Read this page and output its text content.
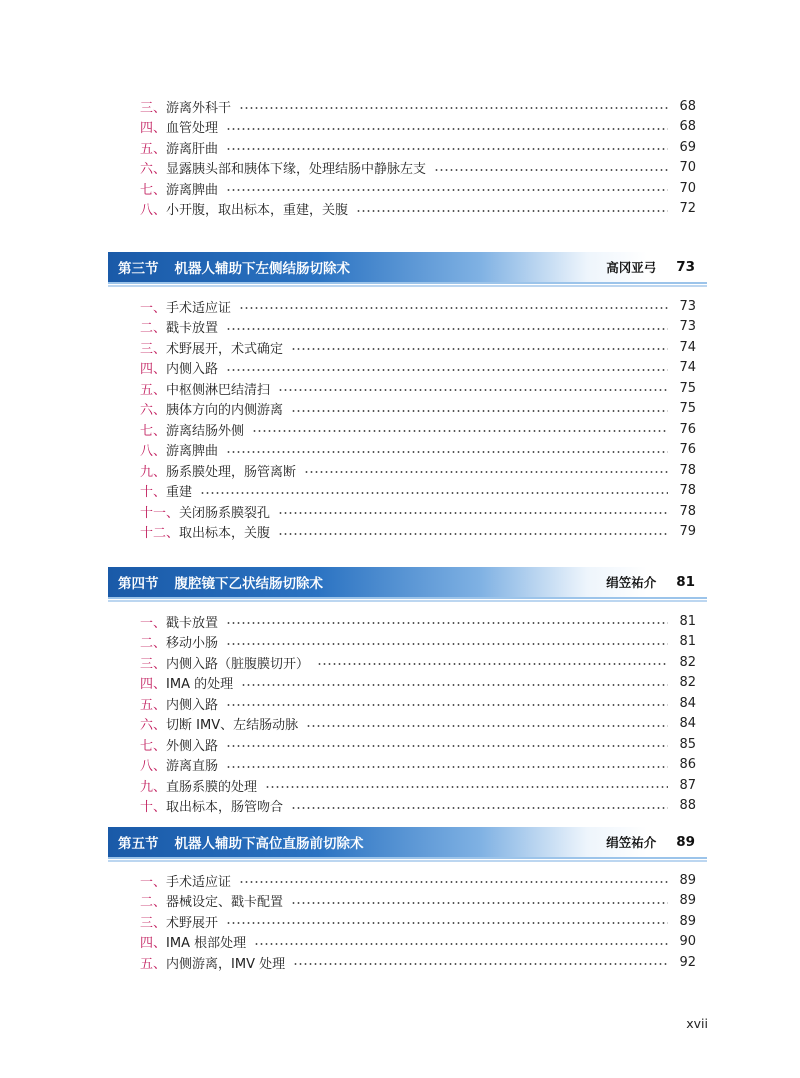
三、 游离外科干	68
四、 血管处理	68
五、 游离肝曲	69
六、 显露胰头部和胰体下缘，处理结肠中静脉左支	70
七、 游离脾曲	70
八、 小开腹，取出标本，重建，关腹	72
第三节 机器人辅助下左侧结肠切除术	高冈亚弓 73
一、 手术适应证	73
二、 戳卡放置	73
三、 术野展开，术式确定	74
四、 内侧入路	74
五、 中枢侧淋巴结清扫	75
六、 胰体方向的内侧游离	75
七、 游离结肠外侧	76
八、 游离脾曲	76
九、 肠系膜处理，肠管离断	78
十、 重建	78
十一、 关闭肠系膜裂孔	78
十二、 取出标本，关腹	79
第四节 腹腔镜下乙状结肠切除术	绢笠祐介 81
一、 戳卡放置	81
二、 移动小肠	81
三、 内侧入路（脏腹膜切开）	82
四、 IMA 的处理	82
五、 内侧入路	84
六、 切断 IMV、左结肠动脉	84
七、 外侧入路	85
八、 游离直肠	86
九、 直肠系膜的处理	87
十、 取出标本，肠管吻合	88
第五节 机器人辅助下高位直肠前切除术	绢笠祐介 89
一、 手术适应证	89
二、 器械设定、戳卡配置	89
三、 术野展开	89
四、 IMA 根部处理	90
五、 内侧游离，IMV 处理	92
xvii
